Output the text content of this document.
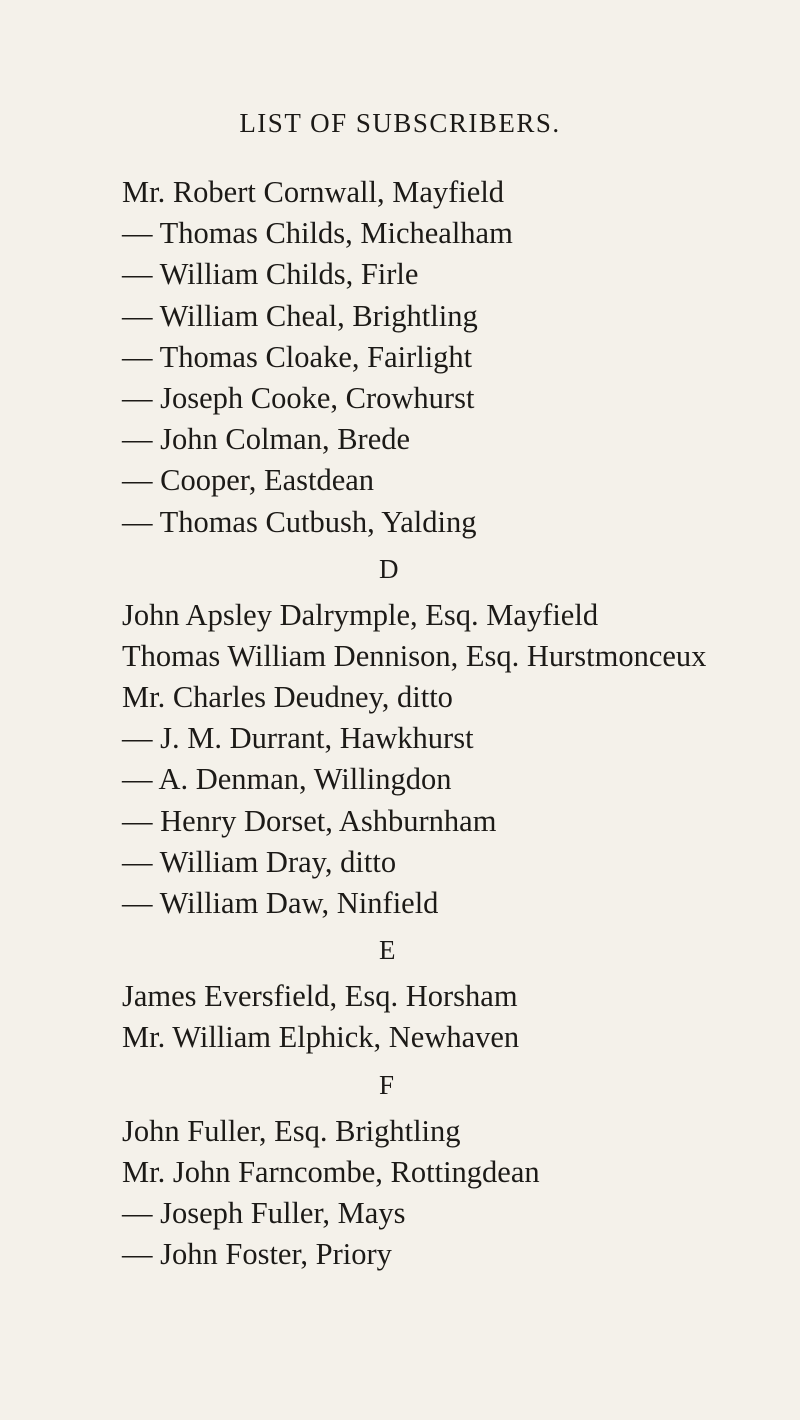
LIST OF SUBSCRIBERS.
Mr. Robert Cornwall, Mayfield
— Thomas Childs, Michealham
— William Childs, Firle
— William Cheal, Brightling
— Thomas Cloake, Fairlight
— Joseph Cooke, Crowhurst
— John Colman, Brede
— Cooper, Eastdean
— Thomas Cutbush, Yalding
D
John Apsley Dalrymple, Esq. Mayfield
Thomas William Dennison, Esq. Hurstmonceux
Mr. Charles Deudney, ditto
— J. M. Durrant, Hawkhurst
— A. Denman, Willingdon
— Henry Dorset, Ashburnham
— William Dray, ditto
— William Daw, Ninfield
E
James Eversfield, Esq. Horsham
Mr. William Elphick, Newhaven
F
John Fuller, Esq. Brightling
Mr. John Farncombe, Rottingdean
— Joseph Fuller, Mays
— John Foster, Priory
